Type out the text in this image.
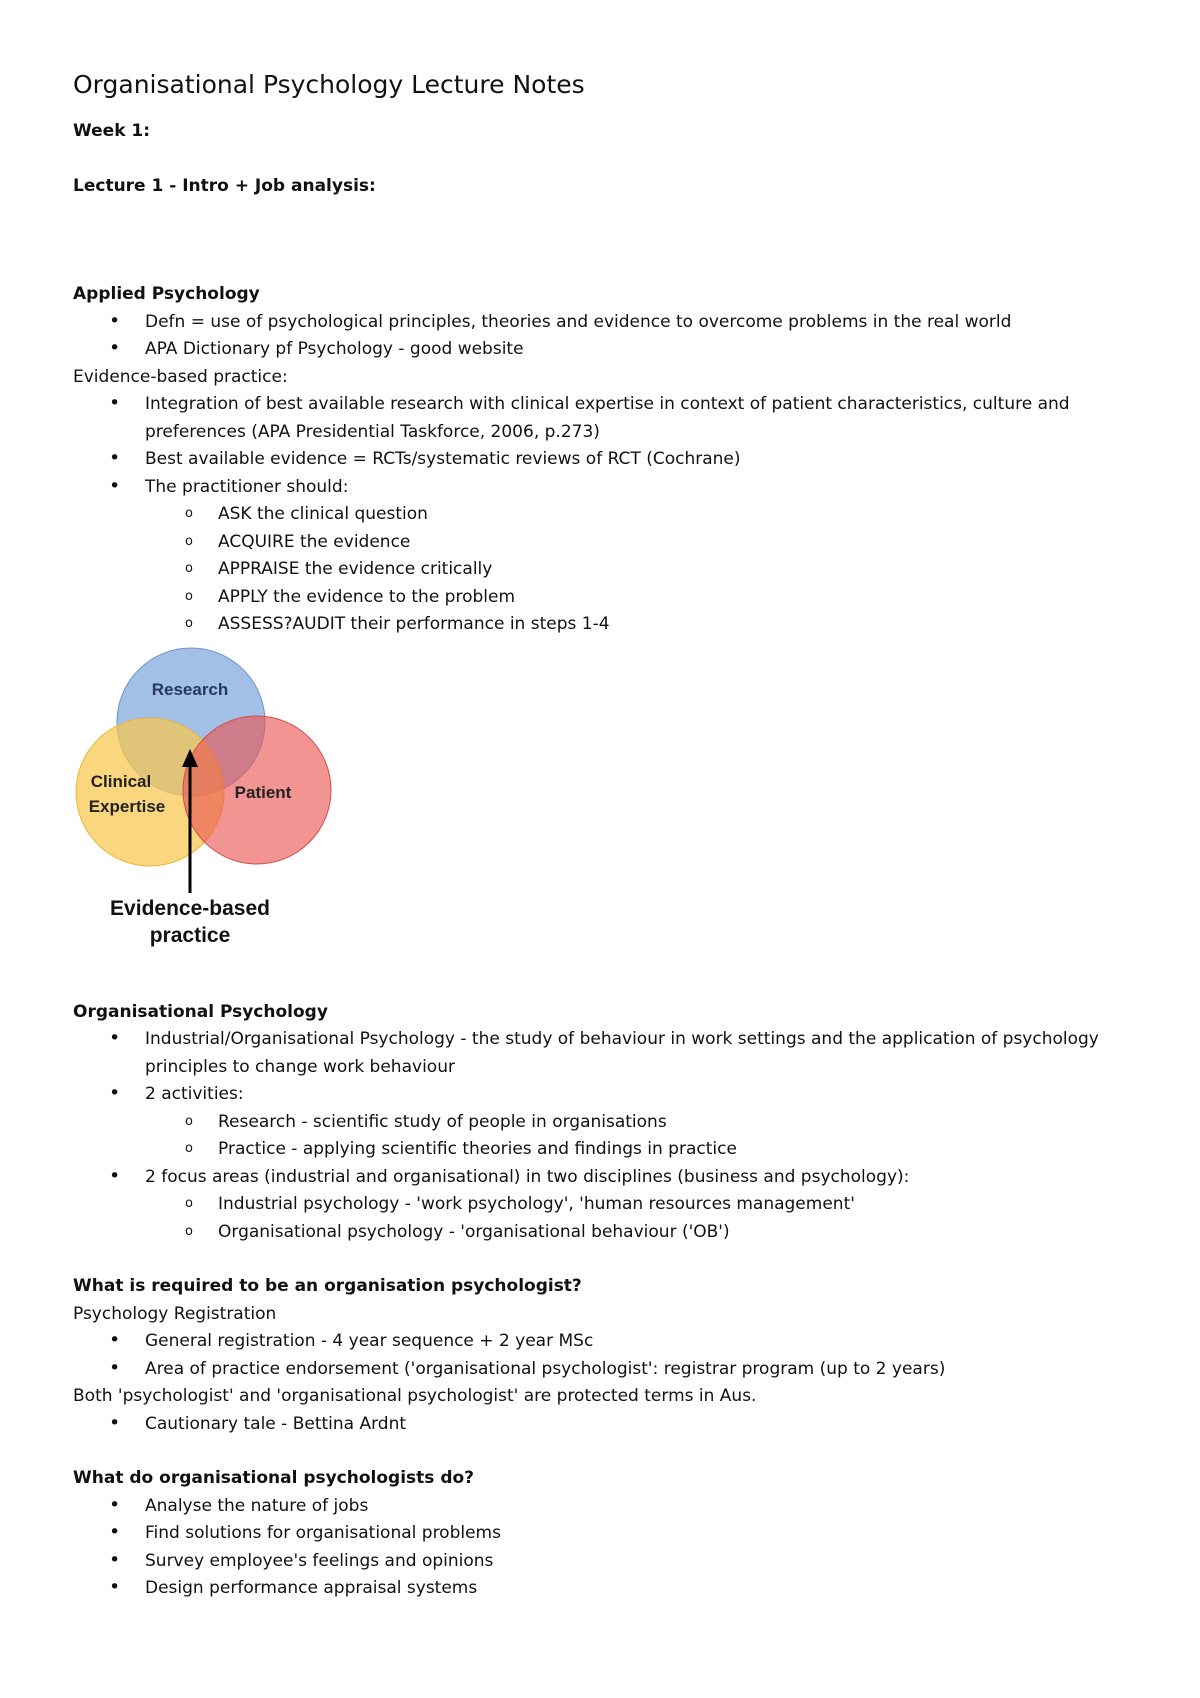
Organisational Psychology Lecture Notes

Week 1:

Lecture 1 - Intro + Job analysis:

Applied Psychology

• Defn = use of psychological principles, theories and evidence to overcome problems in the real world
• APA Dictionary pf Psychology - good website

Evidence-based practice:

• Integration of best available research with clinical expertise in context of patient characteristics, culture and preferences (APA Presidential Taskforce, 2006, p.273)
• Best available evidence = RCTs/systematic reviews of RCT (Cochrane)
• The practitioner should:
o ASK the clinical question
o ACQUIRE the evidence
o APPRAISE the evidence critically
o APPLY the evidence to the problem
o ASSESS?AUDIT their performance in steps 1-4
Research
Clinical
Expertise
Patient
Evidence-based
practice

Organisational Psychology

• Industrial/Organisational Psychology - the study of behaviour in work settings and the application of psychology principles to change work behaviour
• 2 activities:
o Research - scientific study of people in organisations
o Practice - applying scientific theories and findings in practice
• 2 focus areas (industrial and organisational) in two disciplines (business and psychology):
o Industrial psychology - 'work psychology', 'human resources management'
o Organisational psychology - 'organisational behaviour ('OB')

What is required to be an organisation psychologist?

Psychology Registration

• General registration - 4 year sequence + 2 year MSc
• Area of practice endorsement ('organisational psychologist': registrar program (up to 2 years)

Both 'psychologist' and 'organisational psychologist' are protected terms in Aus.

• Cautionary tale - Bettina Ardnt

What do organisational psychologists do?

• Analyse the nature of jobs
• Find solutions for organisational problems
• Survey employee's feelings and opinions
• Design performance appraisal systems
